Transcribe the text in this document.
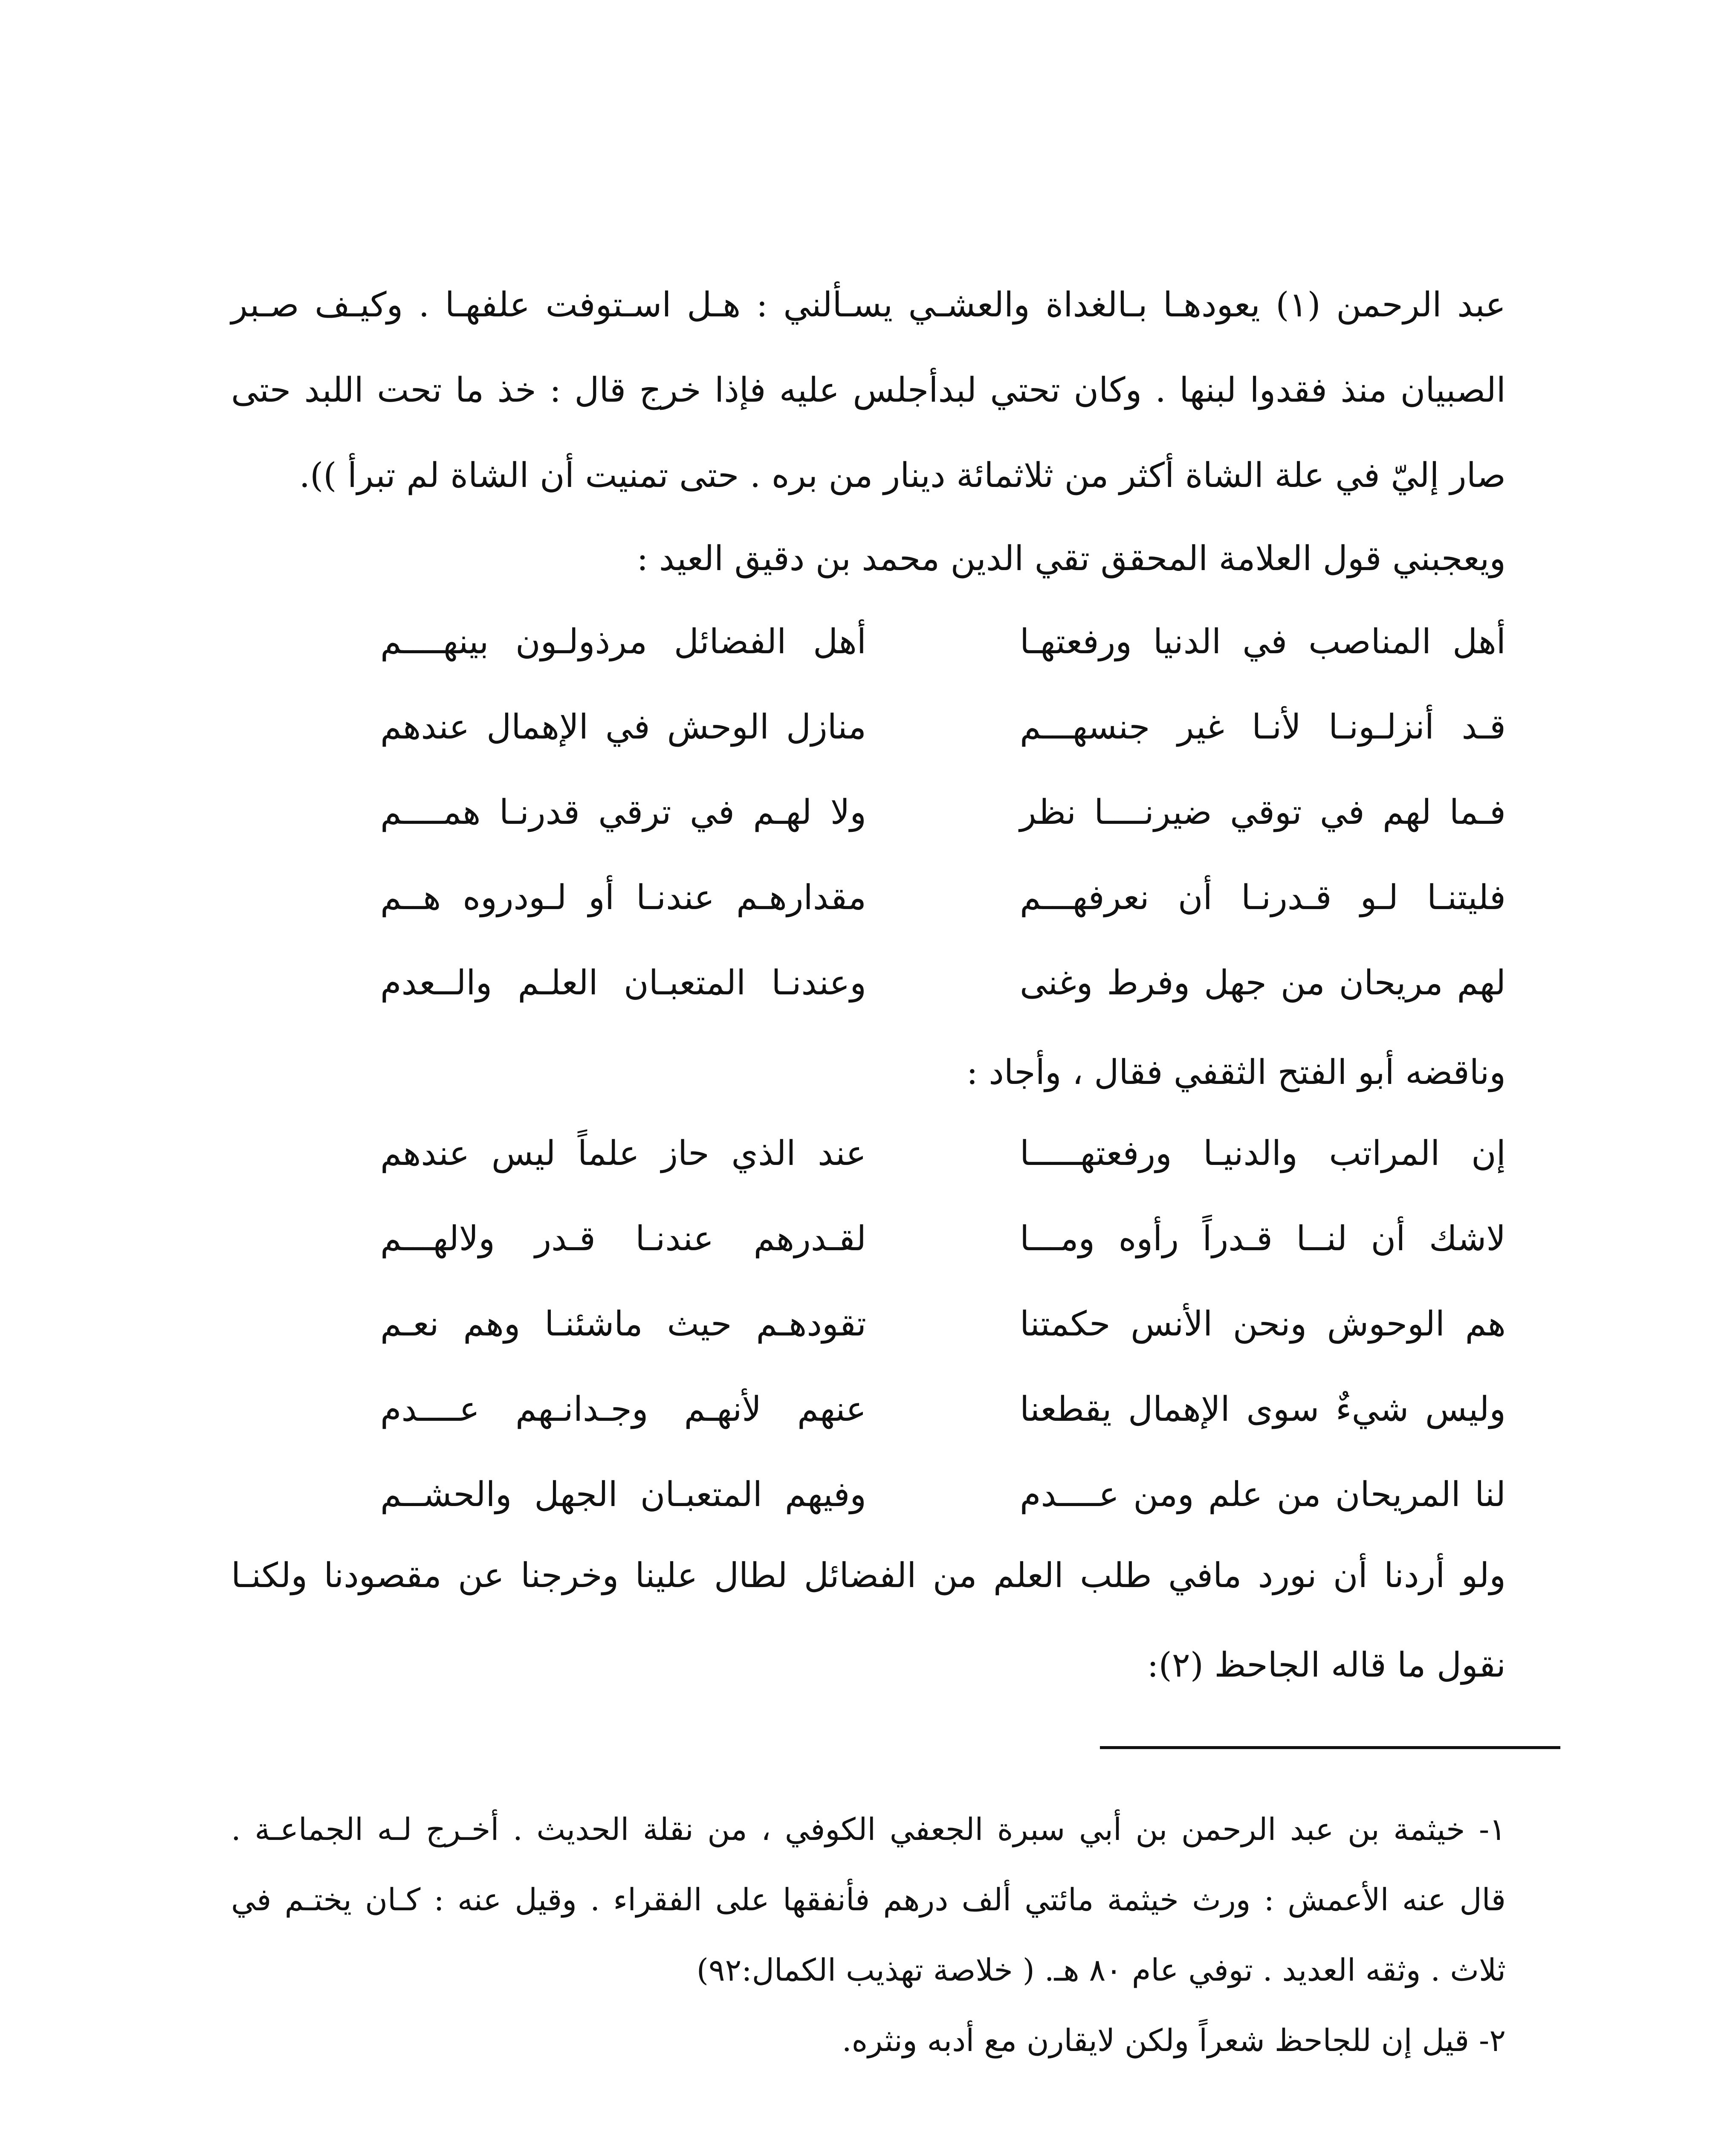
عبد الرحمن (١) يعودهـا بـالغداة والعشـي يسـألني : هـل اسـتوفت علفهـا . وكيـف صـبر
الصبيان منذ فقدوا لبنها . وكان تحتي لبدأجلس عليه فإذا خرج قال : خذ ما تحت اللبد حتى
صار إليّ في علة الشاة أكثر من ثلاثمائة دينار من بره . حتى تمنيت أن الشاة لم تبرأ )).
ويعجبني قول العلامة المحقق تقي الدين محمد بن دقيق العيد :
أهل المناصب في الدنيا ورفعتهـا
أهل الفضائل مرذولـون بينهــــم
قـد أنزلـونـا لأنـا غير جنسهـــم
منازل الوحش في الإهمال عندهم
فـما لهم في توقي ضيرنــــا نظر
ولا لهـم في ترقي قدرنـا همــــم
فليتنـا لـو قـدرنـا أن نعرفهـــم
مقدارهـم عندنـا أو لـودروه هــم
لهم مريحان من جهل وفرط وغنى
وعندنـا المتعبـان العلـم والــعدم
وناقضه أبو الفتح الثقفي فقال ، وأجاد :
إن المراتب والدنيـا ورفعتهـــــا
عند الذي حاز علماً ليس عندهم
لاشك أن لنــا قـدراً رأوه ومـــا
لقـدرهم عندنـا قـدر ولالهـــم
هم الوحوش ونحن الأنس حكمتنا
تقودهـم حيث ماشئنـا وهم نعـم
وليس شيءٌ سوى الإهمال يقطعنا
عنهم لأنهـم وجـدانـهم عــــدم
لنا المريحان من علم ومن عــــدم
وفيهم المتعبـان الجهل والحشــم
ولو أردنا أن نورد مافي طلب العلم من الفضائل لطال علينا وخرجنا عن مقصودنا ولكنـا
نقول ما قاله الجاحظ (٢):
١- خيثمة بن عبد الرحمن بن أبي سبرة الجعفي الكوفي ، من نقلة الحديث . أخـرج لـه الجماعـة .
قال عنه الأعمش : ورث خيثمة مائتي ألف درهم فأنفقها على الفقراء . وقيل عنه : كـان يختـم في
ثلاث . وثقه العديد . توفي عام ٨٠ هـ. ( خلاصة تهذيب الكمال:٩٢)
٢- قيل إن للجاحظ شعراً ولكن لايقارن مع أدبه ونثره.
